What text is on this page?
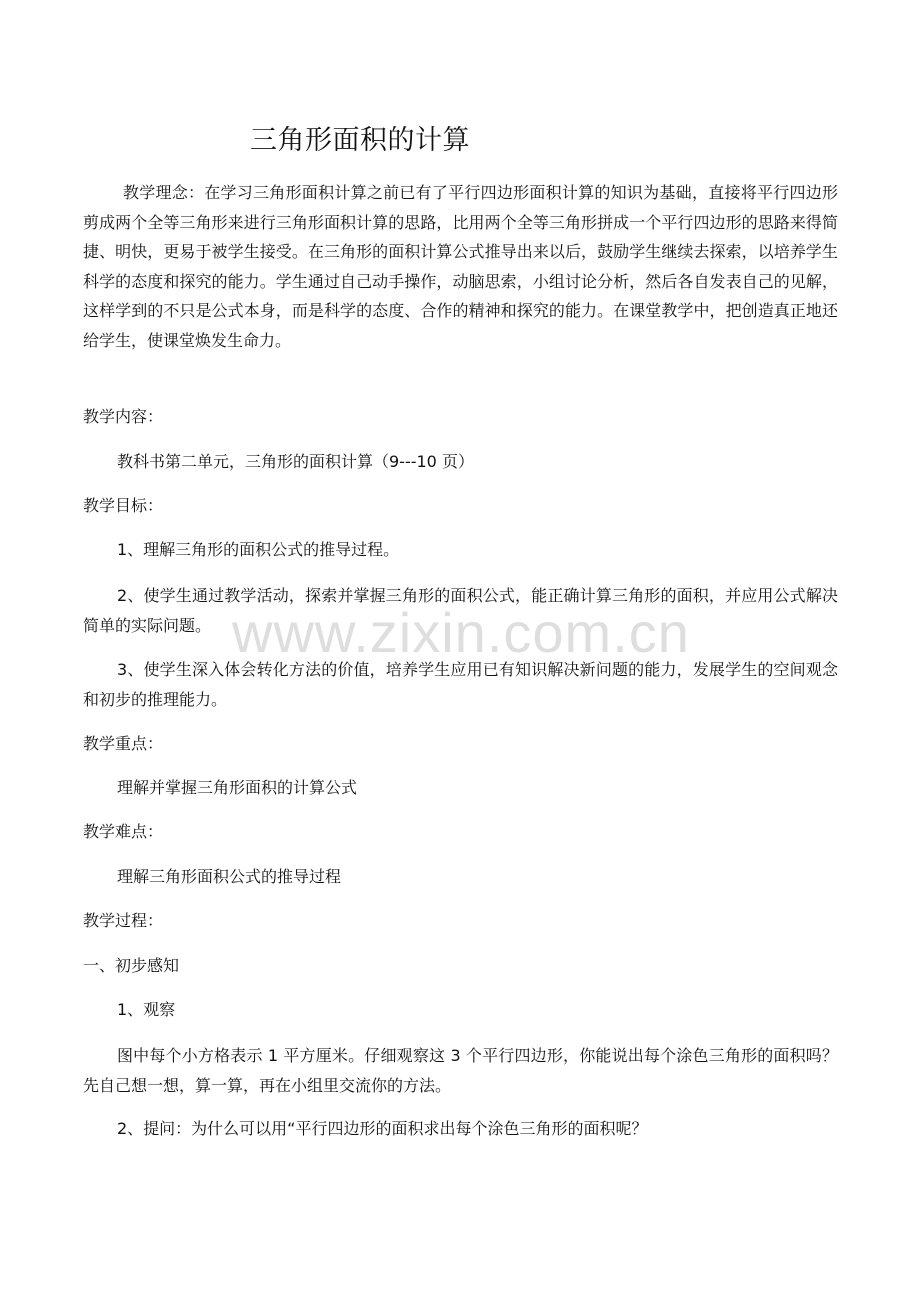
三角形面积的计算

教学理念：在学习三角形面积计算之前已有了平行四边形面积计算的知识为基础，直接将平行四边形剪成两个全等三角形来进行三角形面积计算的思路，比用两个全等三角形拼成一个平行四边形的思路来得简捷、明快，更易于被学生接受。在三角形的面积计算公式推导出来以后，鼓励学生继续去探索，以培养学生科学的态度和探究的能力。学生通过自己动手操作，动脑思索，小组讨论分析，然后各自发表自己的见解，这样学到的不只是公式本身，而是科学的态度、合作的精神和探究的能力。在课堂教学中，把创造真正地还给学生，使课堂焕发生命力。

教学内容：

教科书第二单元，三角形的面积计算（9---10 页）

教学目标：

1、理解三角形的面积公式的推导过程。

2、使学生通过教学活动，探索并掌握三角形的面积公式，能正确计算三角形的面积，并应用公式解决简单的实际问题。

3、使学生深入体会转化方法的价值，培养学生应用已有知识解决新问题的能力，发展学生的空间观念和初步的推理能力。

教学重点：

理解并掌握三角形面积的计算公式

教学难点：

理解三角形面积公式的推导过程

教学过程：

一、初步感知

1、观察

图中每个小方格表示 1 平方厘米。仔细观察这 3 个平行四边形，你能说出每个涂色三角形的面积吗？先自己想一想，算一算，再在小组里交流你的方法。

2、提问：为什么可以用“平行四边形的面积求出每个涂色三角形的面积呢？

www.zixin.com.cn
